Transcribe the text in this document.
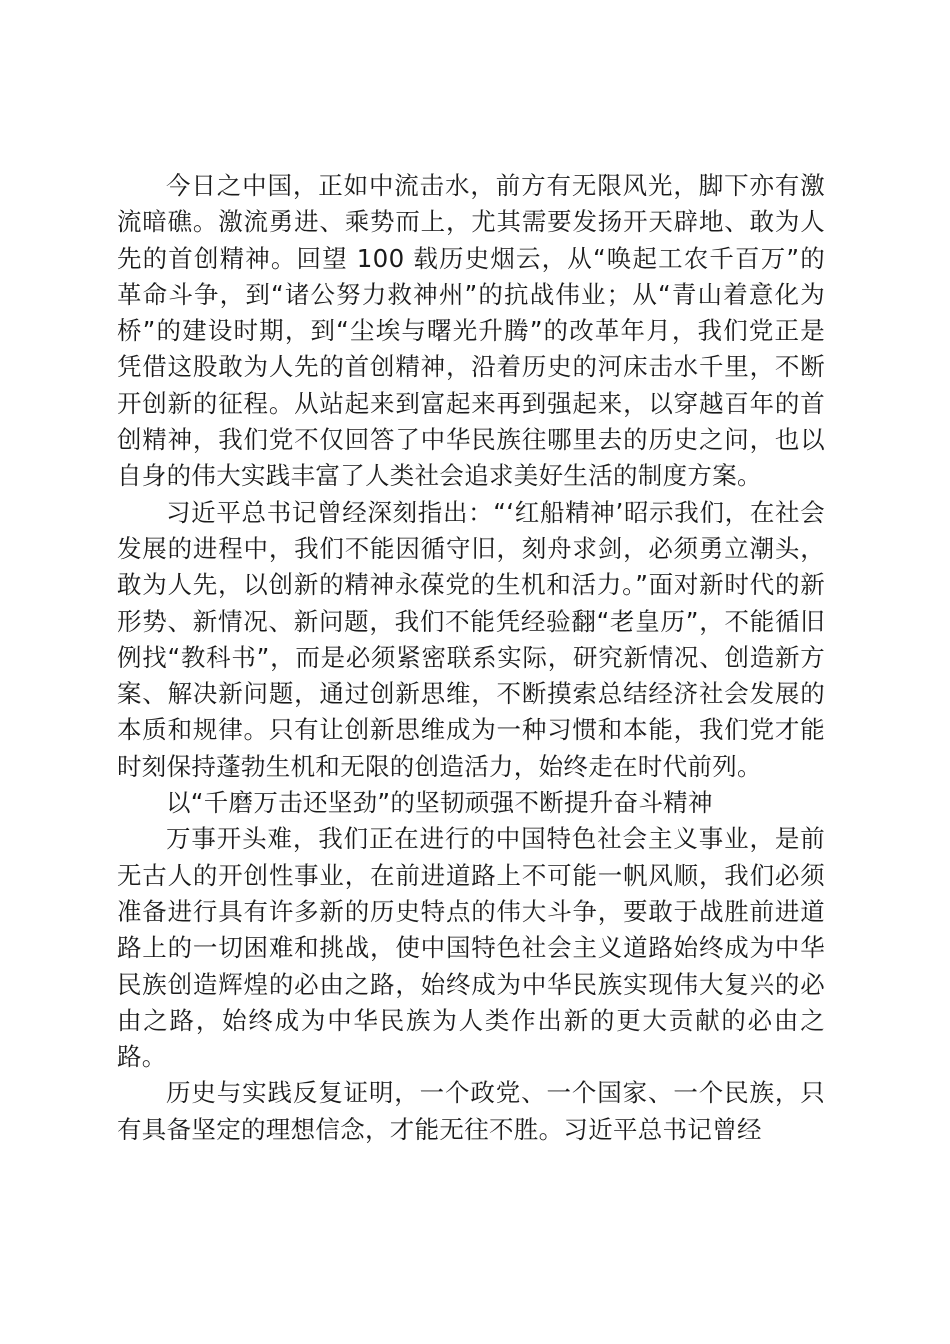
今日之中国，正如中流击水，前方有无限风光，脚下亦有激流暗礁。激流勇进、乘势而上，尤其需要发扬开天辟地、敢为人先的首创精神。回望 100 载历史烟云，从“唤起工农千百万”的革命斗争，到“诸公努力救神州”的抗战伟业；从“青山着意化为桥”的建设时期，到“尘埃与曙光升腾”的改革年月，我们党正是凭借这股敢为人先的首创精神，沿着历史的河床击水千里，不断开创新的征程。从站起来到富起来再到强起来，以穿越百年的首创精神，我们党不仅回答了中华民族往哪里去的历史之问，也以自身的伟大实践丰富了人类社会追求美好生活的制度方案。

习近平总书记曾经深刻指出：“‘红船精神’昭示我们，在社会发展的进程中，我们不能因循守旧，刻舟求剑，必须勇立潮头，敢为人先，以创新的精神永葆党的生机和活力。”面对新时代的新形势、新情况、新问题，我们不能凭经验翻“老皇历”，不能循旧例找“教科书”，而是必须紧密联系实际，研究新情况、创造新方案、解决新问题，通过创新思维，不断摸索总结经济社会发展的本质和规律。只有让创新思维成为一种习惯和本能，我们党才能时刻保持蓬勃生机和无限的创造活力，始终走在时代前列。

以“千磨万击还坚劲”的坚韧顽强不断提升奋斗精神

万事开头难，我们正在进行的中国特色社会主义事业，是前无古人的开创性事业，在前进道路上不可能一帆风顺，我们必须准备进行具有许多新的历史特点的伟大斗争，要敢于战胜前进道路上的一切困难和挑战，使中国特色社会主义道路始终成为中华民族创造辉煌的必由之路，始终成为中华民族实现伟大复兴的必由之路，始终成为中华民族为人类作出新的更大贡献的必由之路。

历史与实践反复证明，一个政党、一个国家、一个民族，只有具备坚定的理想信念，才能无往不胜。习近平总书记曾经
